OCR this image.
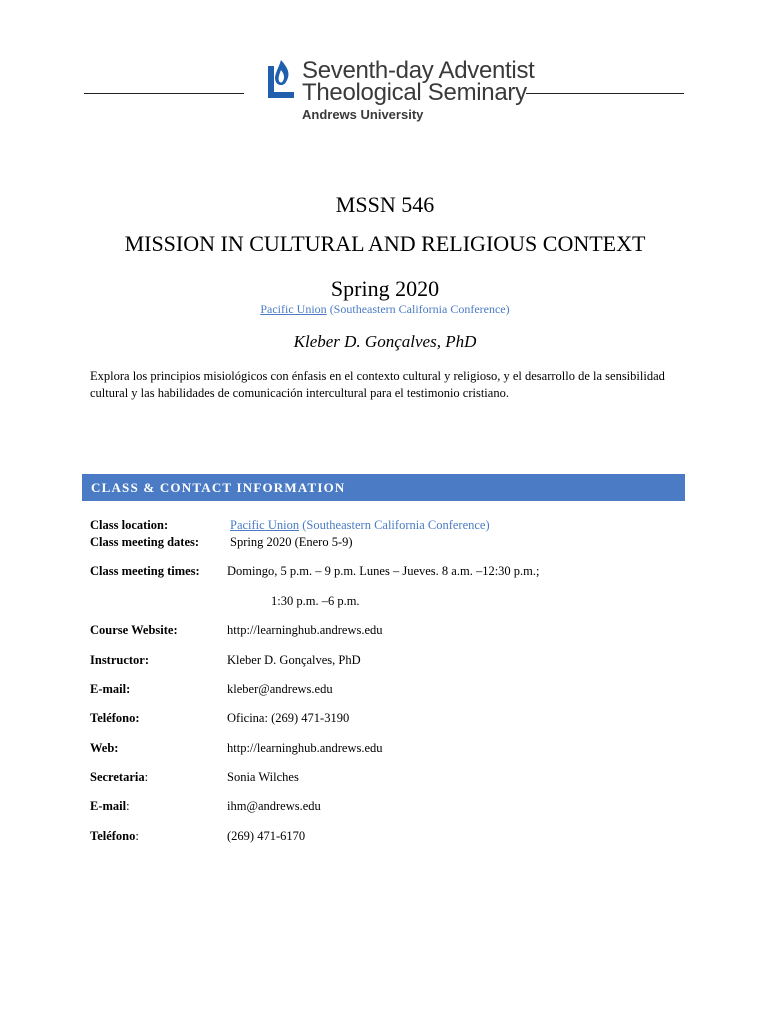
Seventh-day Adventist
Theological Seminary
Andrews University
MSSN 546
MISSION IN CULTURAL AND RELIGIOUS CONTEXT
Spring 2020
Pacific Union (Southeastern California Conference)
Kleber D. Gonçalves, PhD
Explora los principios misiológicos con énfasis en el contexto cultural y religioso, y el desarrollo de la sensibilidad cultural y las habilidades de comunicación intercultural para el testimonio cristiano.
CLASS & CONTACT INFORMATION
Class location:	Pacific Union (Southeastern California Conference)
Class meeting dates: Spring 2020 (Enero 5-9)
Class meeting times: Domingo, 5 p.m. – 9 p.m. Lunes – Jueves. 8 a.m. –12:30 p.m.;
1:30 p.m. –6 p.m.
Course Website:	http://learninghub.andrews.edu
Instructor:	Kleber D. Gonçalves, PhD
E-mail:	kleber@andrews.edu
Teléfono:	Oficina: (269) 471-3190
Web:	http://learninghub.andrews.edu
Secretaria:	Sonia Wilches
E-mail:	ihm@andrews.edu
Teléfono:	(269) 471-6170
